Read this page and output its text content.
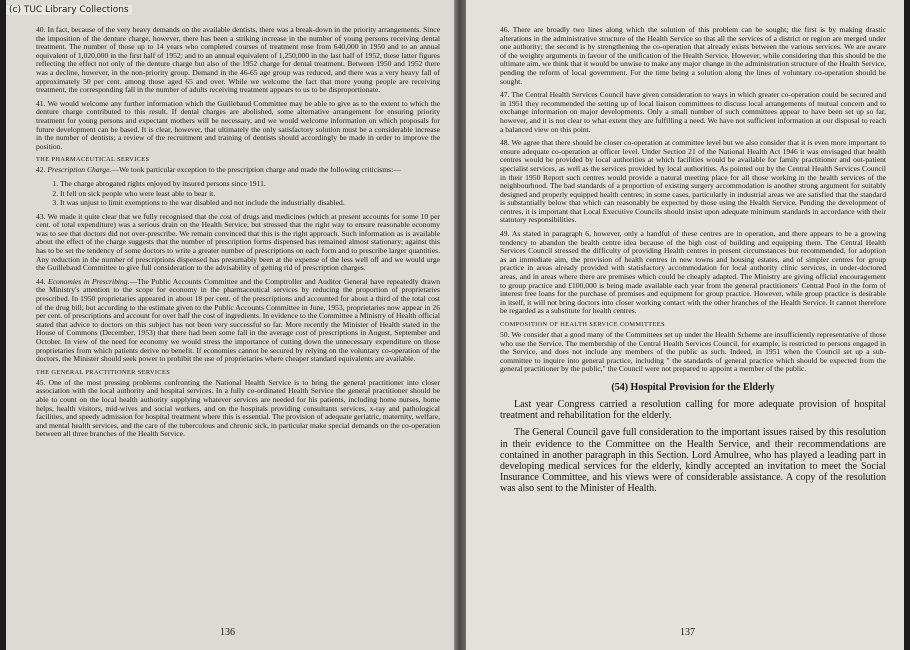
(c) TUC Library Collections

40. In fact, because of the very heavy demands on the available dentists, there was a break-down in the priority arrangements. Since the imposition of the denture charge, however, there has been a striking increase in the number of young persons receiving dental treatment. The number of those up to 14 years who completed courses of treatment rose from 640,000 in 1950 and to an annual equivalent of 1,020,000 in the first half of 1952; and to an annual equivalent of 1,250,000 in the last half of 1952, these latter figures reflecting the effect not only of the denture charge but also of the 1952 charge for dental treatment. Between 1950 and 1952 there was a decline, however, in the non-priority group. Demand in the 46-65 age group was reduced, and there was a very heavy fall of approximately 50 per cent. among those aged 65 and over. While we welcome the fact that more young people are receiving treatment, the corresponding fall in the number of adults receiving treatment appears to us to be disproportionate.

41. We would welcome any further information which the Guillebaud Committee may be able to give as to the extent to which the denture charge contributed to this result. If dental charges are abolished, some alternative arrangement for ensuring priority treatment for young persons and expectant mothers will be necessary, and we would welcome information on which proposals for future development can be based. It is clear, however, that ultimately the only satisfactory solution must be a considerable increase in the number of dentists; a review of the recruitment and training of dentists should accordingly be made in order to improve the position.

THE PHARMACEUTICAL SERVICES

42. Prescription Charge.—We took particular exception to the prescription charge and made the following criticisms:—

1. The charge abrogated rights enjoyed by insured persons since 1911.
2. It fell on sick people who were least able to bear it.
3. It was unjust to limit exemptions to the war disabled and not include the industrially disabled.

43. We made it quite clear that we fully recognised that the cost of drugs and medicines (which at present accounts for some 10 per cent. of total expenditure) was a serious drain on the Health Service, but stressed that the right way to ensure reasonable economy was to see that doctors did not over-prescribe. We remain convinced that this is the right approach. Such information as is available about the effect of the charge suggests that the number of prescription forms dispensed has remained almost stationary; against this has to be set the tendency of some doctors to write a greater number of prescriptions on each form and to prescribe larger quantities. Any reduction in the number of prescriptions dispensed has presumably been at the expense of the less well off and we would urge the Guillebaud Committee to give full consideration to the advisability of getting rid of prescription charges.

44. Economies in Prescribing.—The Public Accounts Committee and the Comptroller and Auditor General have repeatedly drawn the Ministry's attention to the scope for economy in the pharmaceutical services by reducing the proportion of proprietaries prescribed. In 1950 proprietaries appeared in about 18 per cent. of the prescriptions and accounted for about a third of the total cost of the drug bill; but according to the estimate given to the Public Accounts Committee in June, 1953, proprietaries now appear in 26 per cent. of prescriptions and account for over half the cost of ingredients. In evidence to the Committee a Ministry of Health official stated that advice to doctors on this subject has not been very successful so far. More recently the Minister of Health stated in the House of Commons (December, 1953) that there had been some fall in the average cost of prescriptions in August, September and October. In view of the need for economy we would stress the importance of cutting down the unnecessary expenditure on those proprietaries from which patients derive no benefit. If economies cannot be secured by relying on the voluntary co-operation of the doctors, the Minister should seek power to prohibit the use of proprietaries where cheaper standard equivalents are available.

THE GENERAL PRACTITIONER SERVICES

45. One of the most pressing problems confronting the National Health Service is to bring the general practitioner into closer association with the local authority and hospital services. In a fully co-ordinated Health Service the general practitioner should be able to count on the local health authority supplying whatever services are needed for his patients, including home nurses, home helps, health visitors, mid-wives and social workers, and on the hospitals providing consultants services, x-ray and pathological facilities, and speedy admission for hospital treatment where this is essential. The provision of adequate geriatric, maternity, welfare, and mental health services, and the care of the tubercolous and chronic sick, in particular make special demands on the co-operation between all three branches of the Health Service.

136

46. There are broadly two lines along which the solution of this problem can be sought; the first is by making drastic alterations in the administrative structure of the Health Service so that all the services of a district or region are merged under one authority; the second is by strengthening the co-operation that already exists between the various services. We are aware of the weighty arguments in favour of the unification of the Health Service. However, while considering that this should be the ultimate aim, we think that it would be unwise to make any major change in the administration structure of the Health Service, pending the reform of local government. For the time being a solution along the lines of voluntary co-operation should be sought.

47. The Central Health Services Council have given consideration to ways in which greater co-operation could be secured and in 1951 they recommended the setting up of local liaison committees to discuss local arrangements of mutual concern and to exchange information on major developments. Only a small number of such committees appear to have been set up so far, however, and it is not clear to what extent they are fulfilling a need. We have not sufficient information at our disposal to reach a balanced view on this point.

48. We agree that there should be closer co-operation at committee level but we also consider that it is even more important to ensure adequate co-operation at officer level. Under Section 21 of the National Health Act 1946 it was envisaged that health centres would be provided by local authorities at which facilities would be available for family practitioner and out-patient specialist services, as well as the services provided by local authorities. As pointed out by the Central Health Services Council in their 1950 Report such centres would provide a natural meeting place for all those working in the health services of the neighbourhood. The bad standards of a proportion of existing surgery accommodation is another strong argument for suitably designed and properly equipped health centres; in some cases, particularly in industrial areas we are satisfied that the standard is substantially below that which can reasonably be expected by those using the Health Service. Pending the development of centres, it is important that Local Executive Councils should insist upon adequate minimum standards in accordance with their statutory responsibilities.

49. As stated in paragraph 6, however, only a handful of these centres are in operation, and there appears to be a growing tendency to abandon the health centre idea because of the high cost of building and equipping them. The Central Health Services Council stressed the difficulty of providing Health centres in present circumstances but recommended, for adoption as an immediate aim, the provision of health centres in new towns and housing estates, and of simpler centres for group practice in areas already provided with statisfactory accommodation for local authority clinic services, in under-doctored areas, and in areas where there are premises which could be cheaply adapted. The Ministry are giving official encouragement to group practice and £100,000 is being made available each year from the general practitioners' Central Pool in the form of interest free loans for the purchase of premises and equipment for group practice. However, while group practice is desirable in itself, it will not bring doctors into closer working contact with the other branches of the Health Service. It cannot therefore be regarded as a substitute for health centres.

COMPOSITION OF HEALTH SERVICE COMMITTEES

50. We consider that a good many of the Committees set up under the Health Scheme are insufficiently representative of those who use the Service. The membership of the Central Health Services Council, for example, is restricted to persons engaged in the Service, and does not include any members of the public as such. Indeed, in 1951 when the Council set up a sub-committee to inquire into general practice, including " the standards of general practice which should be expected from the general practitioner by the public," the Council were not prepared to appoint a member of the public.

(54) Hospital Provision for the Elderly

Last year Congress carried a resolution calling for more adequate provision of hospital treatment and rehabilitation for the elderly.

The General Council gave full consideration to the important issues raised by this resolution in their evidence to the Committee on the Health Service, and their recommendations are contained in another paragraph in this Section. Lord Amulree, who has played a leading part in developing medical services for the elderly, kindly accepted an invitation to meet the Social Insurance Committee, and his views were of considerable assistance. A copy of the resolution was also sent to the Minister of Health.

137
